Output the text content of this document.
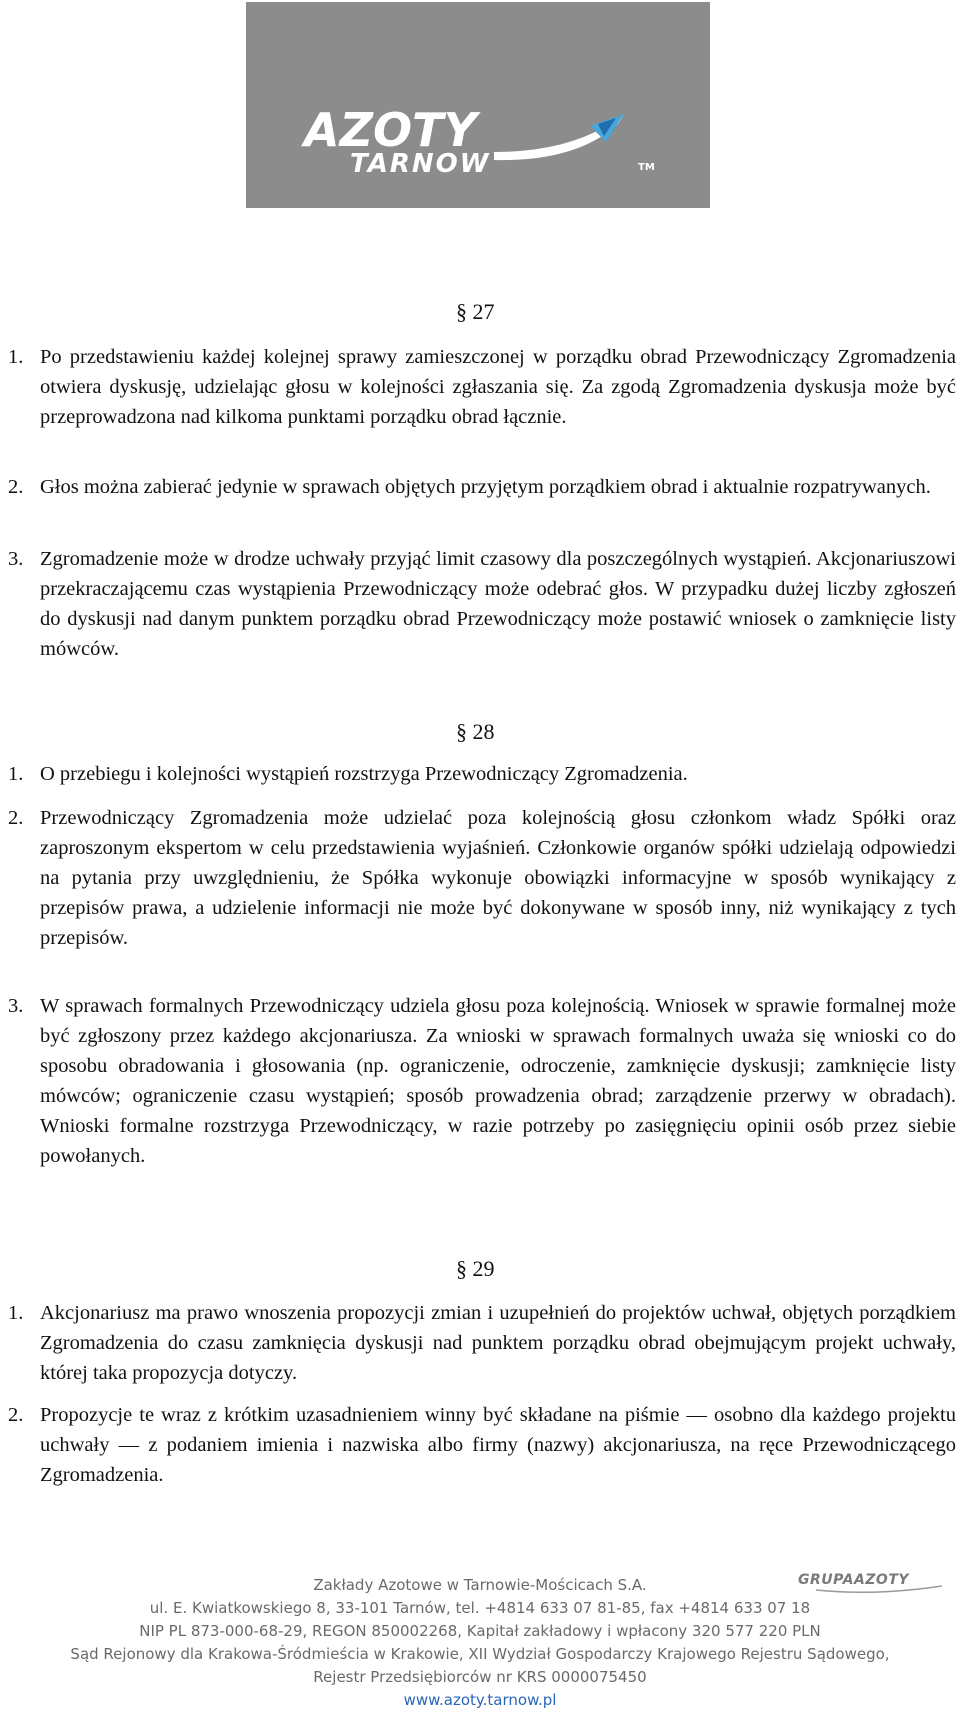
AZOTY
TARNOW	TM
§ 27
1. Po przedstawieniu każdej kolejnej sprawy zamieszczonej w porządku obrad Przewodniczący Zgromadzenia otwiera dyskusję, udzielając głosu w kolejności zgłaszania się. Za zgodą Zgromadzenia dyskusja może być przeprowadzona nad kilkoma punktami porządku obrad łącznie.
2. Głos można zabierać jedynie w sprawach objętych przyjętym porządkiem obrad i aktualnie rozpatrywanych.
3. Zgromadzenie może w drodze uchwały przyjąć limit czasowy dla poszczególnych wystąpień. Akcjonariuszowi przekraczającemu czas wystąpienia Przewodniczący może odebrać głos. W przypadku dużej liczby zgłoszeń do dyskusji nad danym punktem porządku obrad Przewodniczący może postawić wniosek o zamknięcie listy mówców.
§ 28
1. O przebiegu i kolejności wystąpień rozstrzyga Przewodniczący Zgromadzenia.
2. Przewodniczący Zgromadzenia może udzielać poza kolejnością głosu członkom władz Spółki oraz zaproszonym ekspertom w celu przedstawienia wyjaśnień. Członkowie organów spółki udzielają odpowiedzi na pytania przy uwzględnieniu, że Spółka wykonuje obowiązki informacyjne w sposób wynikający z przepisów prawa, a udzielenie informacji nie może być dokonywane w sposób inny, niż wynikający z tych przepisów.
3. W sprawach formalnych Przewodniczący udziela głosu poza kolejnością. Wniosek w sprawie formalnej może być zgłoszony przez każdego akcjonariusza. Za wnioski w sprawach formalnych uważa się wnioski co do sposobu obradowania i głosowania (np. ograniczenie, odroczenie, zamknięcie dyskusji; zamknięcie listy mówców; ograniczenie czasu wystąpień; sposób prowadzenia obrad; zarządzenie przerwy w obradach). Wnioski formalne rozstrzyga Przewodniczący, w razie potrzeby po zasięgnięciu opinii osób przez siebie powołanych.
§ 29
1. Akcjonariusz ma prawo wnoszenia propozycji zmian i uzupełnień do projektów uchwał, objętych porządkiem Zgromadzenia do czasu zamknięcia dyskusji nad punktem porządku obrad obejmującym projekt uchwały, której taka propozycja dotyczy.
2. Propozycje te wraz z krótkim uzasadnieniem winny być składane na piśmie — osobno dla każdego projektu uchwały — z podaniem imienia i nazwiska albo firmy (nazwy) akcjonariusza, na ręce Przewodniczącego Zgromadzenia.
GRUPAAZOTY
Zakłady Azotowe w Tarnowie-Mościcach S.A.
ul. E. Kwiatkowskiego 8, 33-101 Tarnów, tel. +4814 633 07 81-85, fax +4814 633 07 18
NIP PL 873-000-68-29, REGON 850002268, Kapitał zakładowy i wpłacony 320 577 220 PLN
Sąd Rejonowy dla Krakowa-Śródmieścia w Krakowie, XII Wydział Gospodarczy Krajowego Rejestru Sądowego,
Rejestr Przedsiębiorców nr KRS 0000075450
www.azoty.tarnow.pl
